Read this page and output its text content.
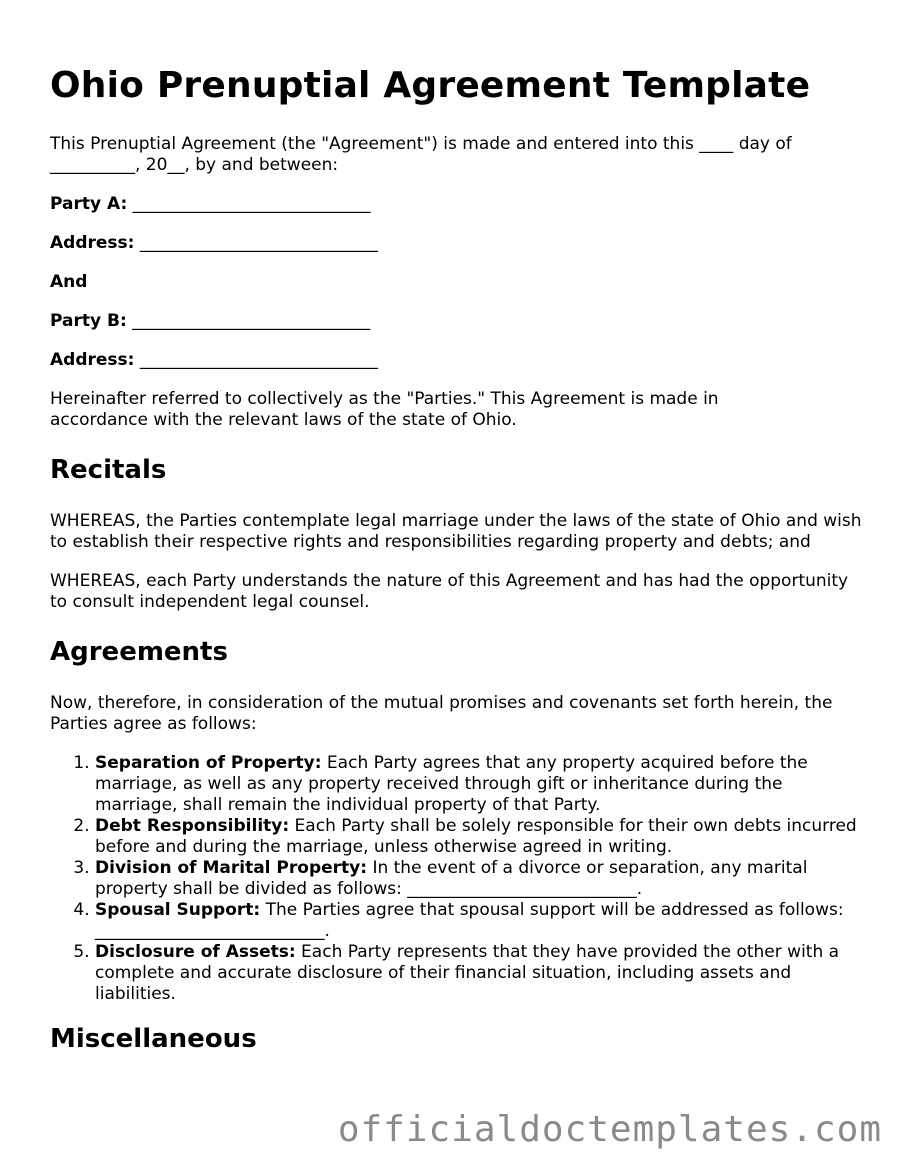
Ohio Prenuptial Agreement Template

This Prenuptial Agreement (the "Agreement") is made and entered into this ____ day of __________, 20__, by and between:

Party A: ____________________________

Address: ____________________________

And

Party B: ____________________________

Address: ____________________________

Hereinafter referred to collectively as the "Parties." This Agreement is made in accordance with the relevant laws of the state of Ohio.

Recitals

WHEREAS, the Parties contemplate legal marriage under the laws of the state of Ohio and wish to establish their respective rights and responsibilities regarding property and debts; and

WHEREAS, each Party understands the nature of this Agreement and has had the opportunity to consult independent legal counsel.

Agreements

Now, therefore, in consideration of the mutual promises and covenants set forth herein, the Parties agree as follows:

1. Separation of Property: Each Party agrees that any property acquired before the marriage, as well as any property received through gift or inheritance during the marriage, shall remain the individual property of that Party.
2. Debt Responsibility: Each Party shall be solely responsible for their own debts incurred before and during the marriage, unless otherwise agreed in writing.
3. Division of Marital Property: In the event of a divorce or separation, any marital property shall be divided as follows: ___________________________.
4. Spousal Support: The Parties agree that spousal support will be addressed as follows: ___________________________.
5. Disclosure of Assets: Each Party represents that they have provided the other with a complete and accurate disclosure of their financial situation, including assets and liabilities.
Miscellaneous
officialdoctemplates.com
